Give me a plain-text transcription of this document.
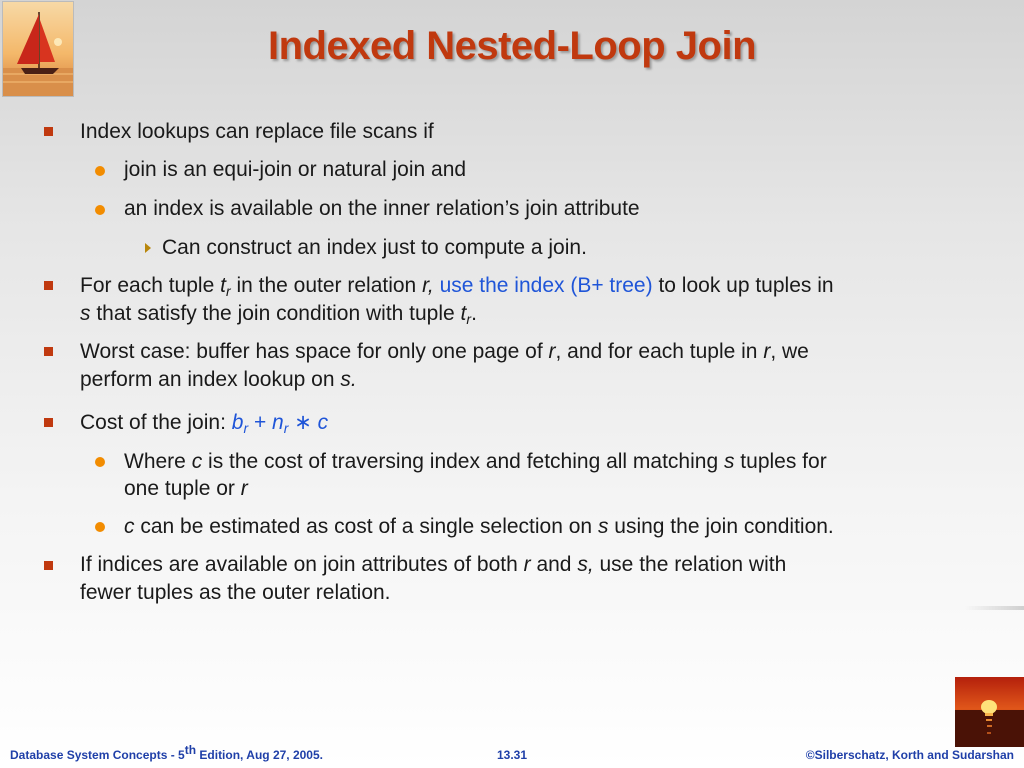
Indexed Nested-Loop Join
Index lookups can replace file scans if
join is an equi-join or natural join and
an index is available on the inner relation’s join attribute
Can construct an index just to compute a join.
For each tuple $t_r$ in the outer relation r, use the index (B+ tree) to look up tuples in
s that satisfy the join condition with tuple $t_r$.
Worst case: buffer has space for only one page of r, and for each tuple in r, we
perform an index lookup on s.
Cost of the join: $b_r + n_r$ ∗ c
Where c is the cost of traversing index and fetching all matching s tuples for
one tuple or r
c can be estimated as cost of a single selection on s using the join condition.
If indices are available on join attributes of both r and s, use the relation with
fewer tuples as the outer relation.
Database System Concepts - 5th Edition, Aug 27, 2005.	13.31	©Silberschatz, Korth and Sudarshan
